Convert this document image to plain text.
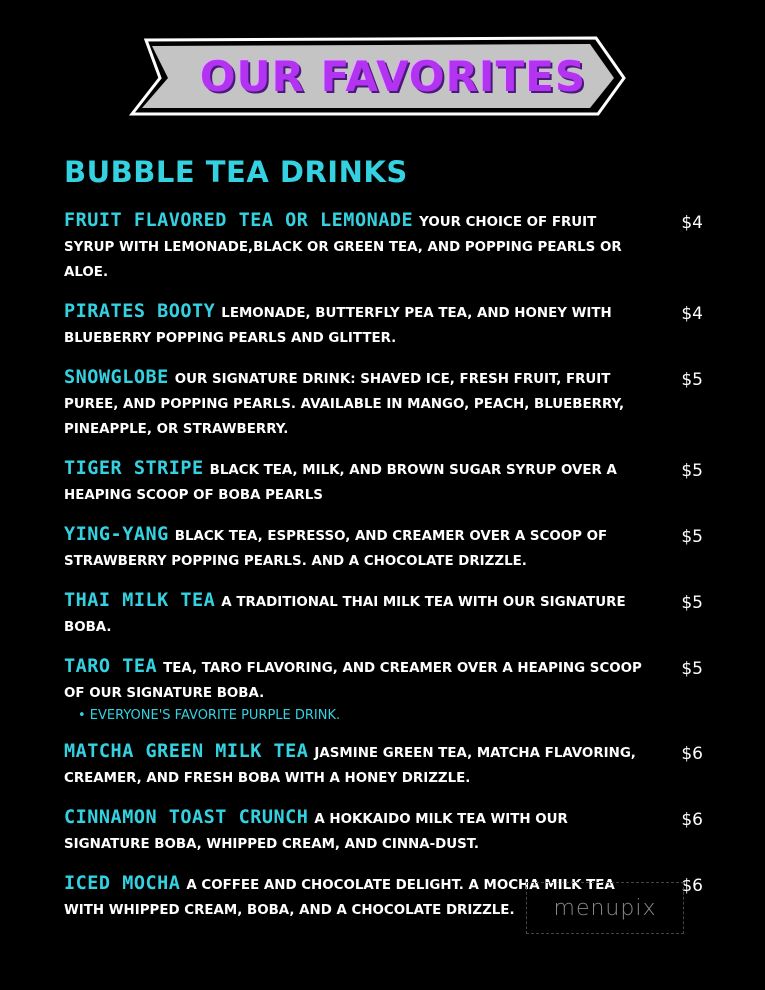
OUR FAVORITES
BUBBLE TEA DRINKS
FRUIT FLAVORED TEA OR LEMONADE YOUR CHOICE OF FRUIT SYRUP WITH LEMONADE,BLACK OR GREEN TEA, AND POPPING PEARLS OR ALOE.
$4
PIRATES BOOTY LEMONADE, BUTTERFLY PEA TEA, AND HONEY WITH BLUEBERRY POPPING PEARLS AND GLITTER.
$4
SNOWGLOBE OUR SIGNATURE DRINK: SHAVED ICE, FRESH FRUIT, FRUIT PUREE, AND POPPING PEARLS. AVAILABLE IN MANGO, PEACH, BLUEBERRY, PINEAPPLE, OR STRAWBERRY.
$5
TIGER STRIPE BLACK TEA, MILK, AND BROWN SUGAR SYRUP OVER A HEAPING SCOOP OF BOBA PEARLS
$5
YING-YANG BLACK TEA, ESPRESSO, AND CREAMER OVER A SCOOP OF STRAWBERRY POPPING PEARLS. AND A CHOCOLATE DRIZZLE.
$5
THAI MILK TEA A TRADITIONAL THAI MILK TEA WITH OUR SIGNATURE BOBA.
$5
TARO TEA TEA, TARO FLAVORING, AND CREAMER OVER A HEAPING SCOOP OF OUR SIGNATURE BOBA.
• EVERYONE'S FAVORITE PURPLE DRINK.
$5
MATCHA GREEN MILK TEA JASMINE GREEN TEA, MATCHA FLAVORING, CREAMER, AND FRESH BOBA WITH A HONEY DRIZZLE.
$6
CINNAMON TOAST CRUNCH A HOKKAIDO MILK TEA WITH OUR SIGNATURE BOBA, WHIPPED CREAM, AND CINNA-DUST.
$6
ICED MOCHA A COFFEE AND CHOCOLATE DELIGHT. A MOCHA MILK TEA WITH WHIPPED CREAM, BOBA, AND A CHOCOLATE DRIZZLE.
$6
menupix
